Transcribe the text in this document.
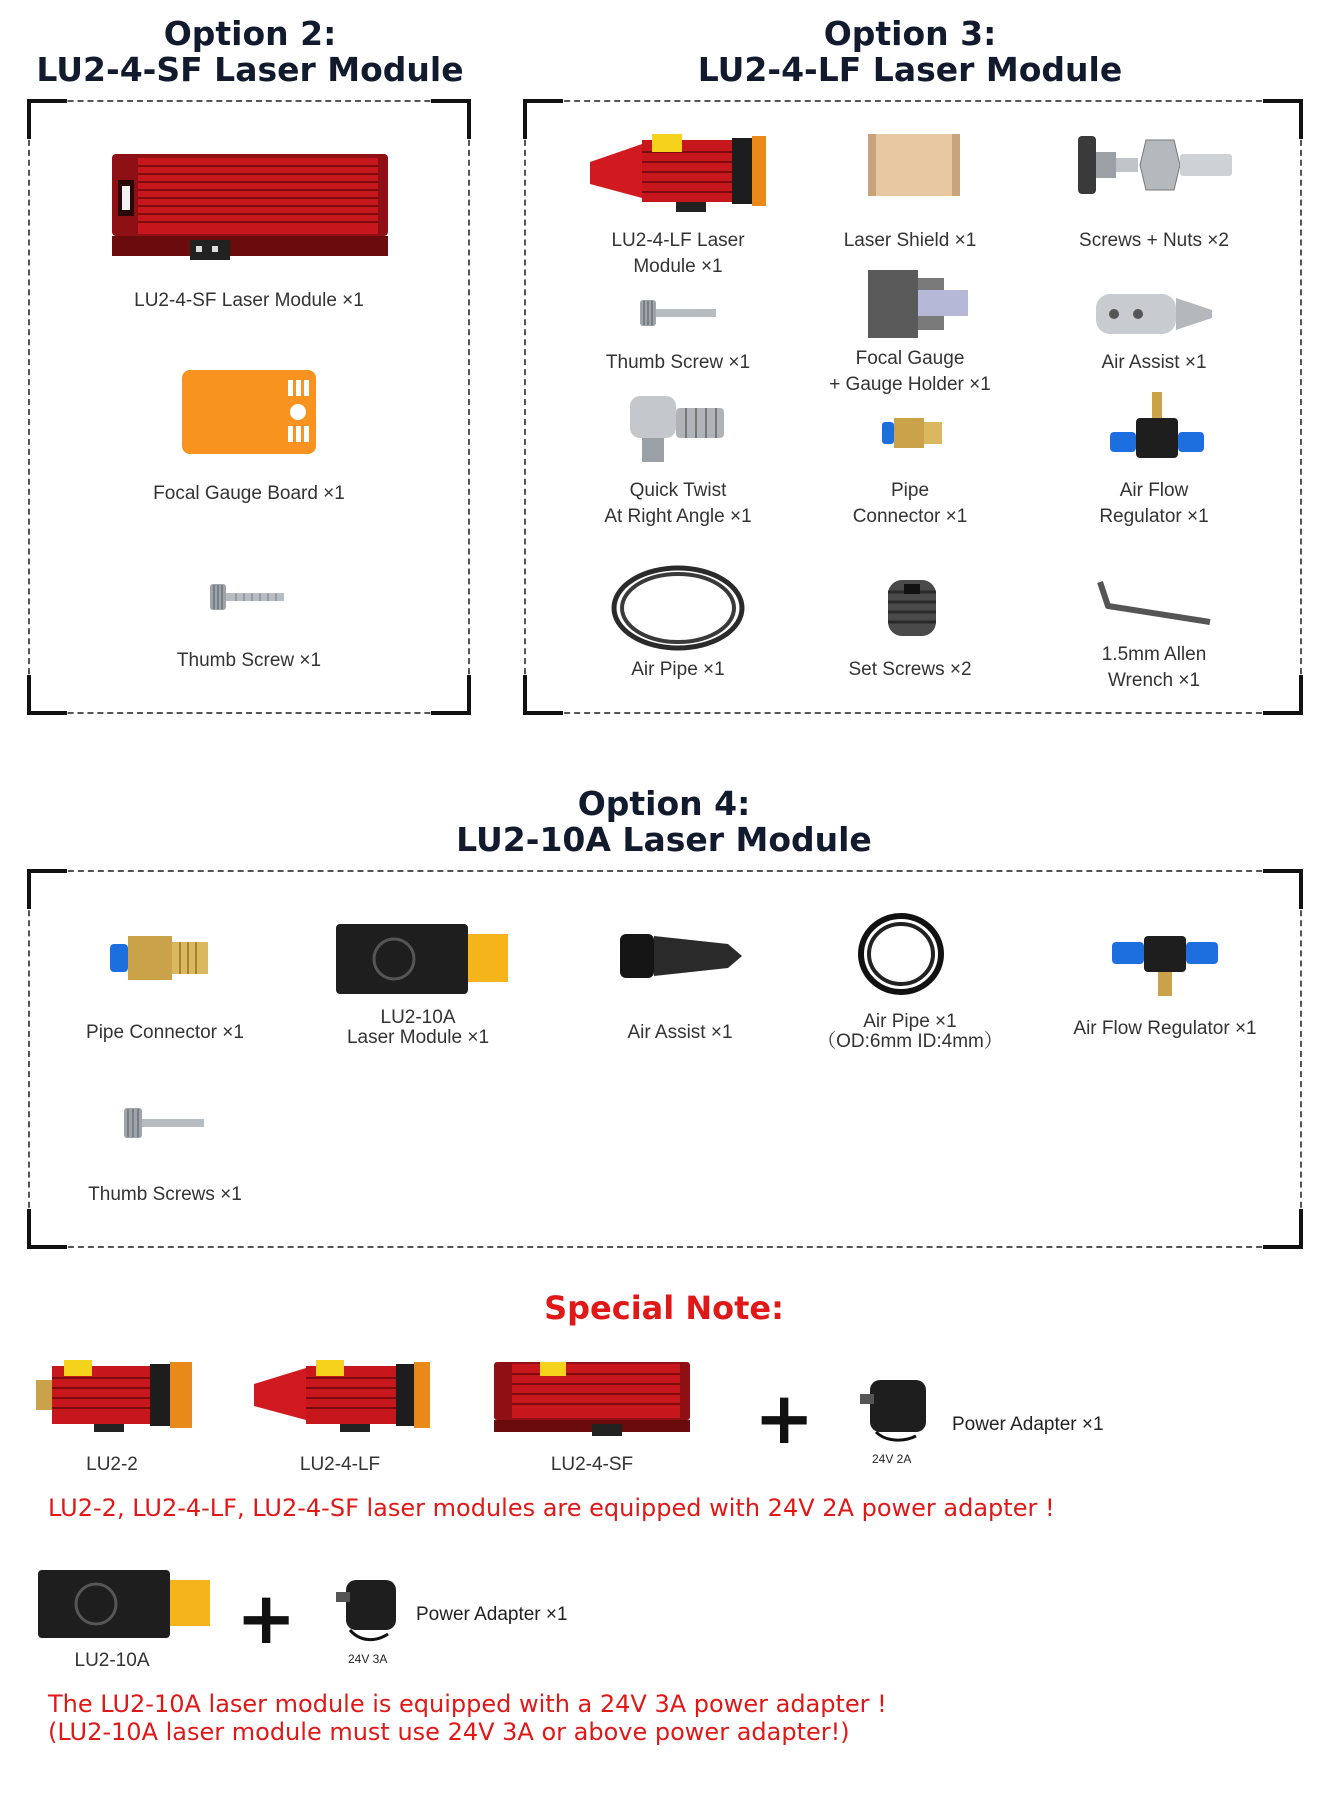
Option 2:
LU2-4-SF Laser Module
LU2-4-SF Laser Module ×1
Focal Gauge Board ×1
Thumb Screw ×1
Option 3:
LU2-4-LF Laser Module
LU2-4-LF Laser
Module ×1
Laser Shield ×1	Screws + Nuts ×2
Thumb Screw ×1	Focal Gauge
+ Gauge Holder ×1
Air Assist ×1
Quick Twist
At Right Angle ×1
Pipe
Connector ×1
Air Flow
Regulator ×1
Air Pipe ×1	Set Screws ×2
1.5mm Allen
Wrench ×1
Option 4:
LU2-10A Laser Module
Pipe Connector ×1
LU2-10A
Laser Module ×1	Air Assist ×1
Air Pipe ×1
（OD:6mm ID:4mm）
Air Flow Regulator ×1
Thumb Screws ×1
Special Note:
LU2-2	LU2-4-LF	LU2-4-SF
+	24V 2A
Power Adapter ×1
LU2-2, LU2-4-LF, LU2-4-SF laser modules are equipped with 24V 2A power adapter !
LU2-10A
+	24V 3A
Power Adapter ×1
The LU2-10A laser module is equipped with a 24V 3A power adapter !
(LU2-10A laser module must use 24V 3A or above power adapter!)
